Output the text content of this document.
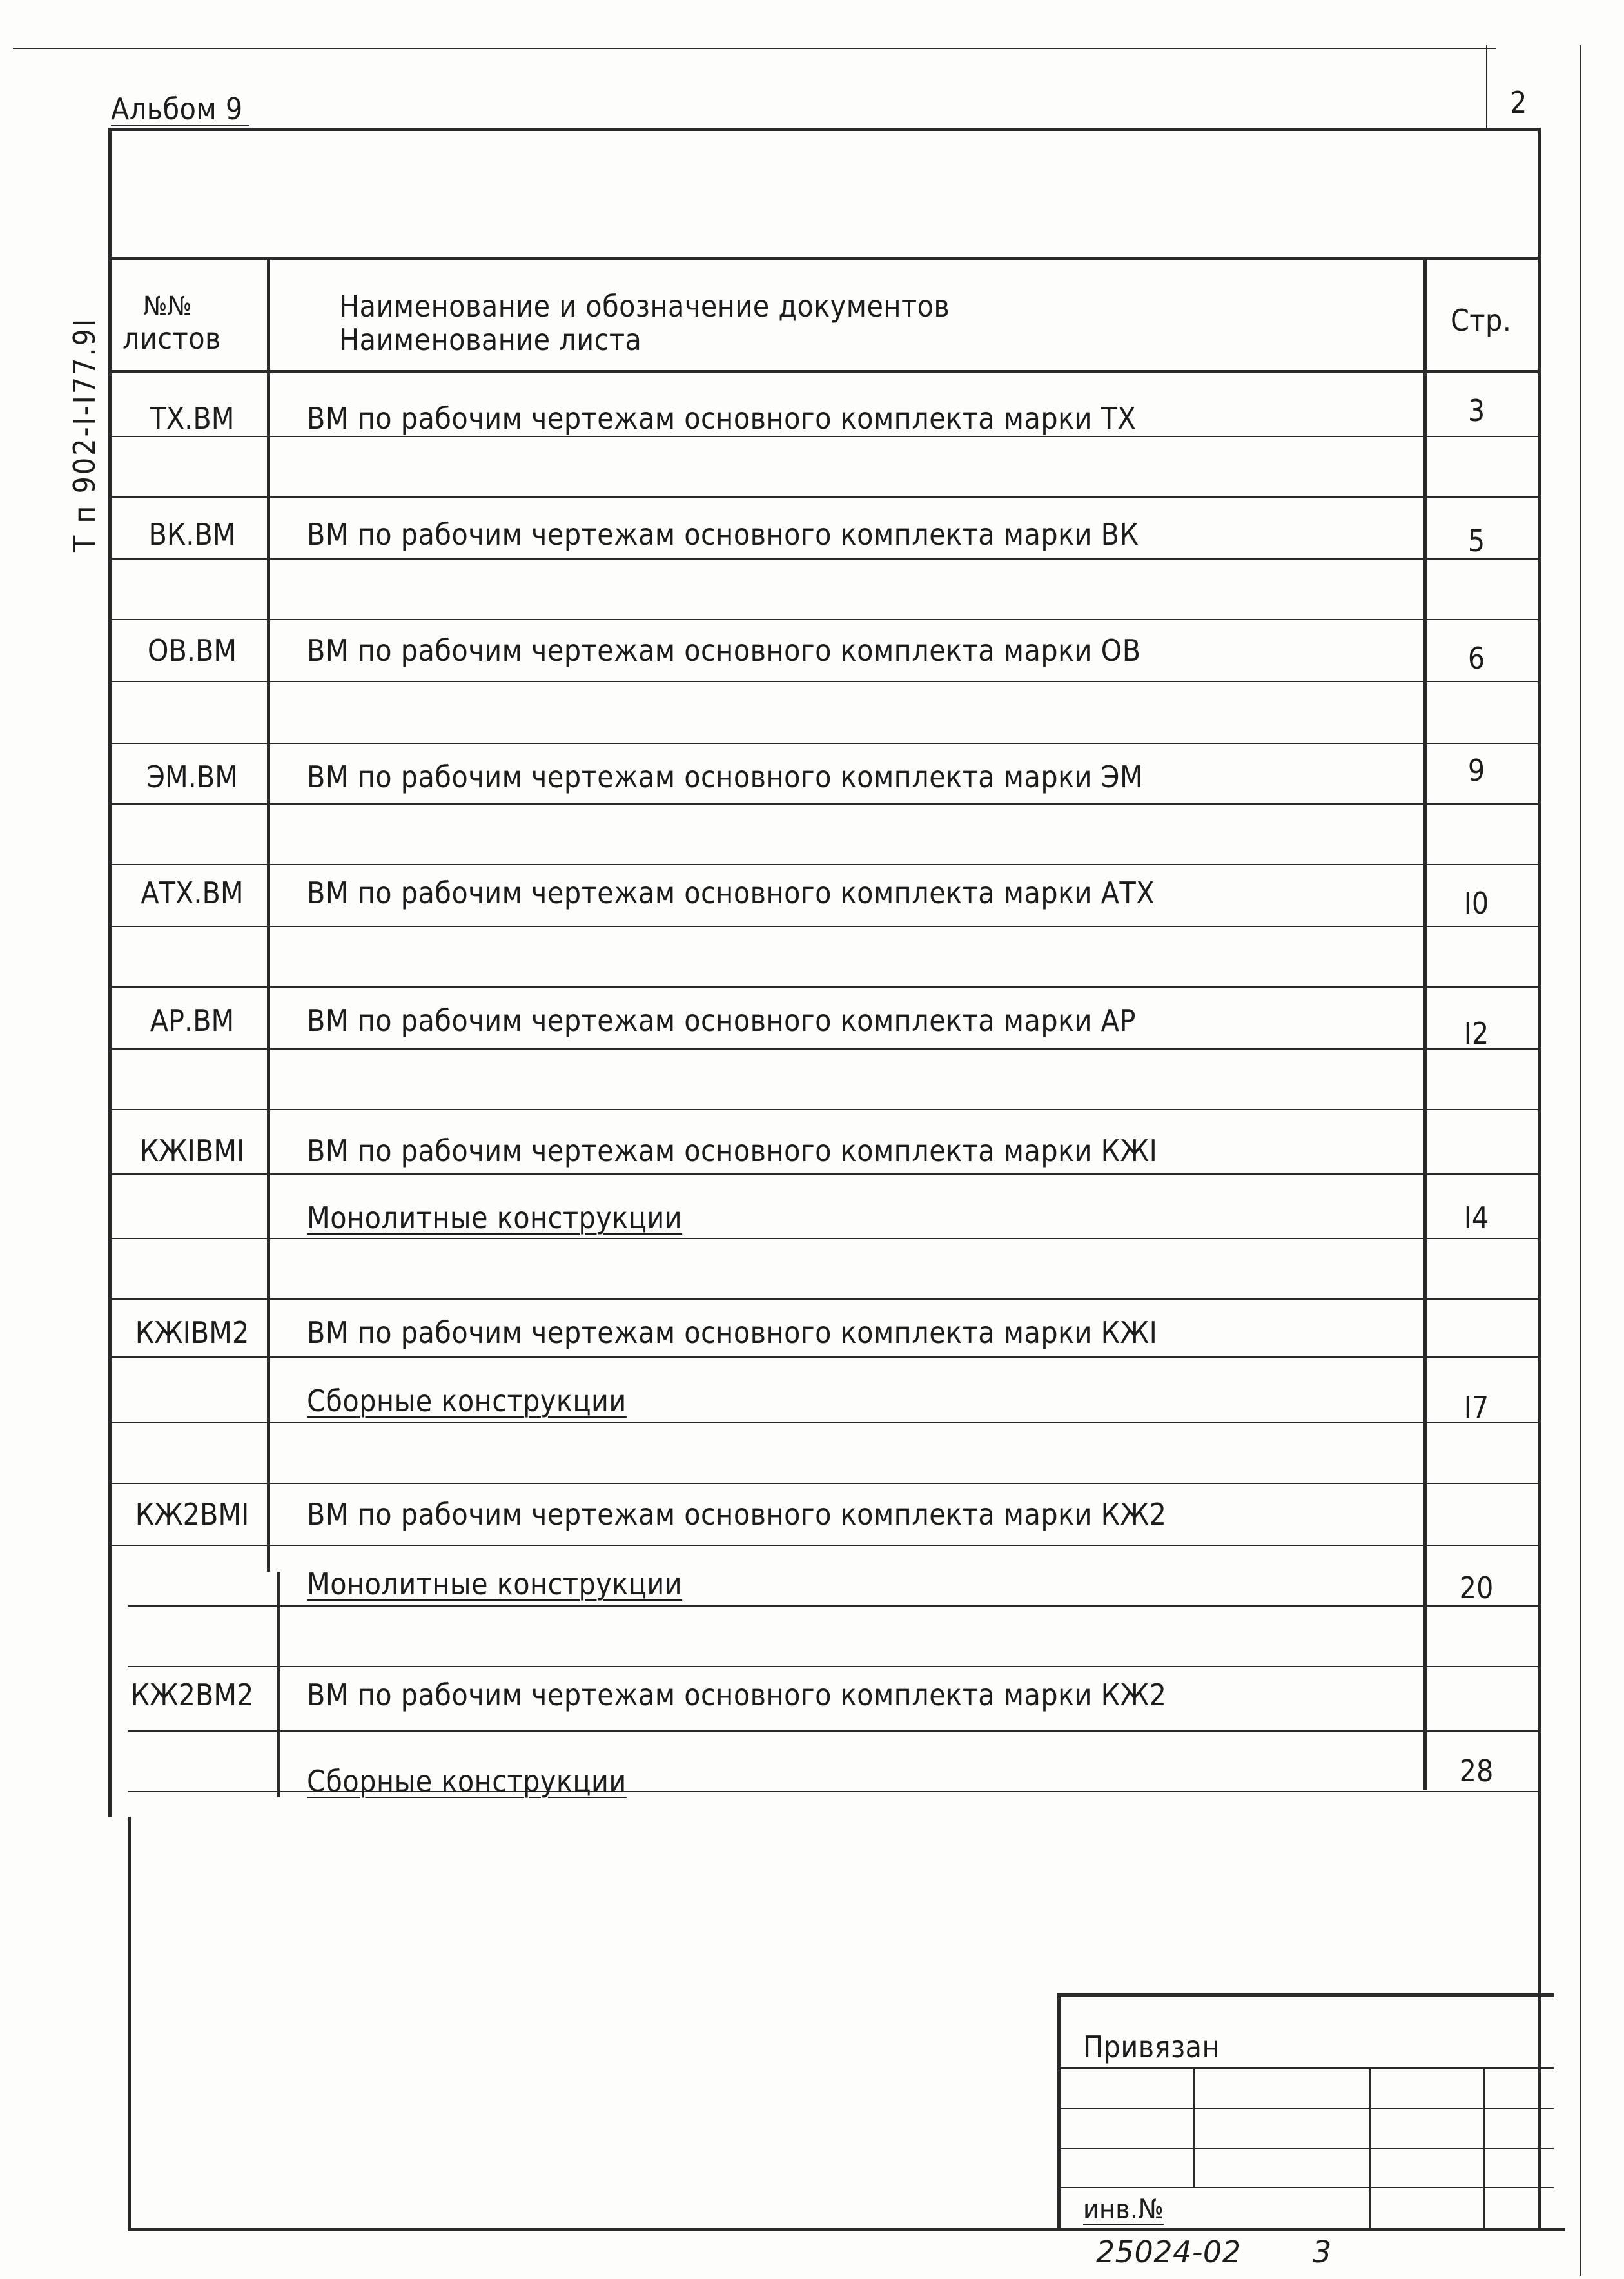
Альбом 9	2
Т п 902-I-I77.9I
№№
листов
Наименование и обозначение документов
Наименование листа
Стр.
ТХ.ВМ
ВК.ВМ
ОВ.ВМ
ЭМ.ВМ
АТХ.ВМ
АР.ВМ
КЖIВМI
КЖIВМ2
КЖ2ВМI
КЖ2ВМ2
ВМ по рабочим чертежам основного комплекта марки ТХ
ВМ по рабочим чертежам основного комплекта марки ВК
ВМ по рабочим чертежам основного комплекта марки ОВ
ВМ по рабочим чертежам основного комплекта марки ЭМ
ВМ по рабочим чертежам основного комплекта марки АТХ
ВМ по рабочим чертежам основного комплекта марки АР
ВМ по рабочим чертежам основного комплекта марки КЖI
ВМ по рабочим чертежам основного комплекта марки КЖI
ВМ по рабочим чертежам основного комплекта марки КЖ2
ВМ по рабочим чертежам основного комплекта марки КЖ2
Монолитные конструкции
Сборные конструкции
Монолитные конструкции
Сборные конструкции
3
5
6
9
I0
I2
I4
I7
20
28
Привязан
инв.№
25024-02 3
